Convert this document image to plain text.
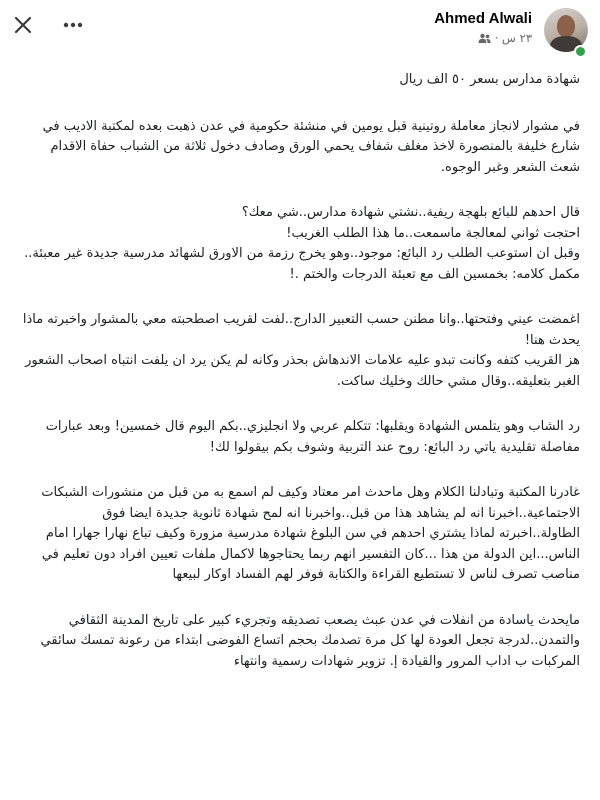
Ahmed Alwali
٢٣ س ·

شهادة مدارس بسعر ٥٠ الف ريال

في مشوار لانجاز معاملة روتينية قبل يومين في منشئة حكومية في عدن ذهبت بعده لمكتبة الاديب في شارع خليفة بالمنصورة لاخذ مغلف شفاف يحمي الورق وصادف دخول ثلاثة من الشباب حفاة الاقدام شعث الشعر وغبر الوجوه.

قال احدهم للبائع بلهجة ريفية..نشتي شهادة مدارس..شي معك؟
احتجت ثواني لمعالجة ماسمعت..ما هذا الطلب الغريب!
وقبل ان استوعب الطلب رد البائع: موجود..وهو يخرج رزمة من الاورق لشهائد مدرسية جديدة غير معبئة.. مكمل كلامه: بخمسين الف مع تعبئة الدرجات والختم .!

اغمضت عيني وفتحتها..وانا مطنن حسب التعبير الدارج..لفت لقريب اصطحبته معي بالمشوار واخبرته ماذا يحدث هنا!
هز القريب كتفه وكانت تبدو عليه علامات الاندهاش بحذر وكانه لم يكن يرد ان يلفت انتباه اصحاب الشعور الغبر بتعليقه..وقال مشي حالك وخليك ساكت.

رد الشاب وهو يتلمس الشهادة ويقلبها: تتكلم عربي ولا انجليزي..بكم اليوم قال خمسين! وبعد عبارات مفاصلة تقليدية ياتي رد البائع: روح عند التربية وشوف بكم بيقولوا لك!

غادرنا المكتبة وتبادلنا الكلام وهل ماحدث امر معتاد وكيف لم اسمع به من قبل من منشورات الشبكات الاجتماعية..اخبرنا انه لم يشاهد هذا من قبل..واخبرنا انه لمح شهادة ثانوية جديدة ايضا فوق الطاولة..اخبرته لماذا يشتري احدهم في سن البلوغ شهادة مدرسية مزورة وكيف تباع نهارا جهارا امام الناس...اين الدولة من هذا ...كان التفسير انهم ربما يحتاجوها لاكمال ملفات تعيين افراد دون تعليم في مناصب تصرف لناس لا تستطيع القراءة والكتابة فوفر لهم الفساد اوكار لبيعها

مايحدث ياسادة من انفلات في عدن عبث يصعب تصديقه وتجريء كبير على تاريخ المدينة الثقافي والتمدن..لدرجة تجعل العودة لها كل مرة تصدمك بحجم اتساع الفوضى ابتداء من رعونة تمسك سائقي المركبات ب اداب المرور والقيادة إ. تزوير شهادات رسمية وانتهاء
